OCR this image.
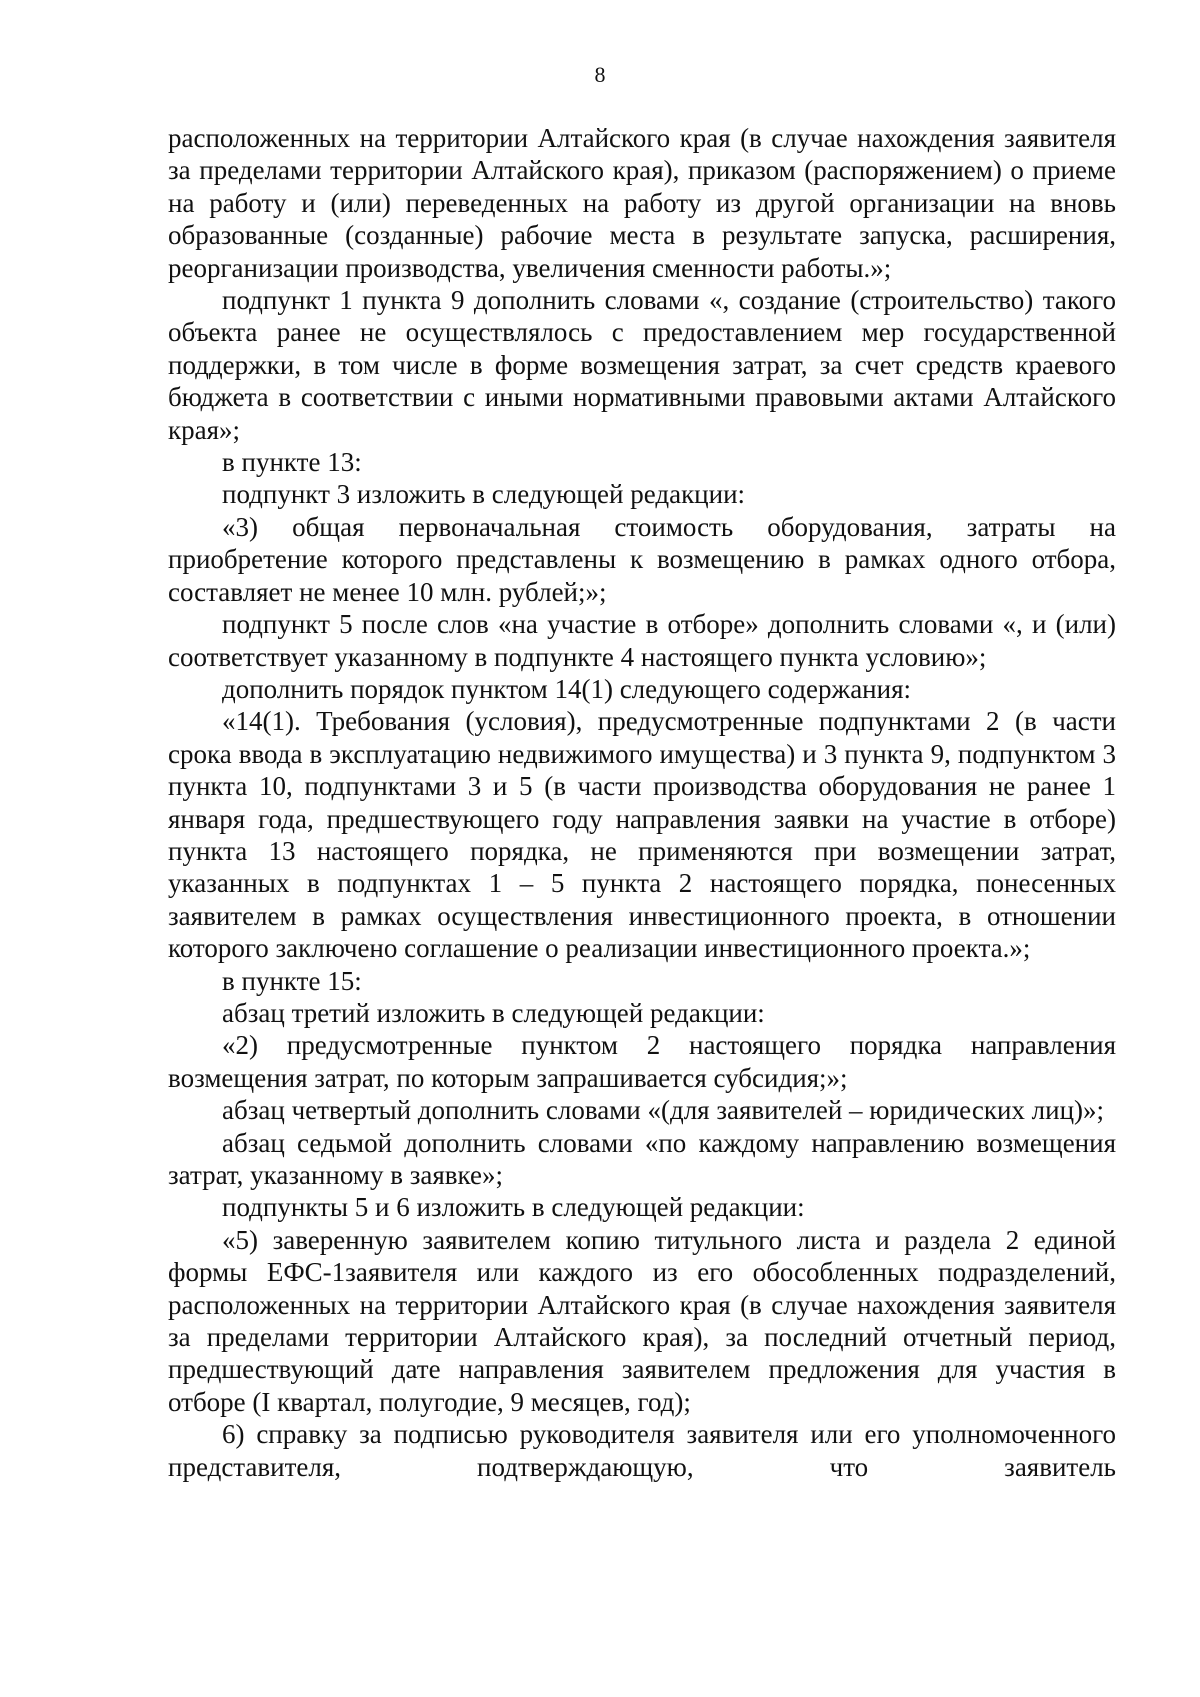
8

расположенных на территории Алтайского края (в случае нахождения заявителя за пределами территории Алтайского края), приказом (распоряжением) о приеме на работу и (или) переведенных на работу из другой организации на вновь образованные (созданные) рабочие места в результате запуска, расширения, реорганизации производства, увеличения сменности работы.»;

подпункт 1 пункта 9 дополнить словами «, создание (строительство) такого объекта ранее не осуществлялось с предоставлением мер государственной поддержки, в том числе в форме возмещения затрат, за счет средств краевого бюджета в соответствии с иными нормативными правовыми актами Алтайского края»;

в пункте 13:

подпункт 3 изложить в следующей редакции:

«3) общая первоначальная стоимость оборудования, затраты на приобретение которого представлены к возмещению в рамках одного отбора, составляет не менее 10 млн. рублей;»;

подпункт 5 после слов «на участие в отборе» дополнить словами «, и (или) соответствует указанному в подпункте 4 настоящего пункта условию»;

дополнить порядок пунктом 14(1) следующего содержания:

«14(1). Требования (условия), предусмотренные подпунктами 2 (в части срока ввода в эксплуатацию недвижимого имущества) и 3 пункта 9, подпунктом 3 пункта 10, подпунктами 3 и 5 (в части производства оборудования не ранее 1 января года, предшествующего году направления заявки на участие в отборе) пункта 13 настоящего порядка, не применяются при возмещении затрат, указанных в подпунктах 1 – 5 пункта 2 настоящего порядка, понесенных заявителем в рамках осуществления инвестиционного проекта, в отношении которого заключено соглашение о реализации инвестиционного проекта.»;

в пункте 15:

абзац третий изложить в следующей редакции:

«2) предусмотренные пунктом 2 настоящего порядка направления возмещения затрат, по которым запрашивается субсидия;»;

абзац четвертый дополнить словами «(для заявителей – юридических лиц)»;

абзац седьмой дополнить словами «по каждому направлению возмещения затрат, указанному в заявке»;

подпункты 5 и 6 изложить в следующей редакции:

«5) заверенную заявителем копию титульного листа и раздела 2 единой формы ЕФС-1заявителя или каждого из его обособленных подразделений, расположенных на территории Алтайского края (в случае нахождения заявителя за пределами территории Алтайского края), за последний отчетный период, предшествующий дате направления заявителем предложения для участия в отборе (I квартал, полугодие, 9 месяцев, год);

6) справку за подписью руководителя заявителя или его уполномоченного представителя, подтверждающую, что заявитель
